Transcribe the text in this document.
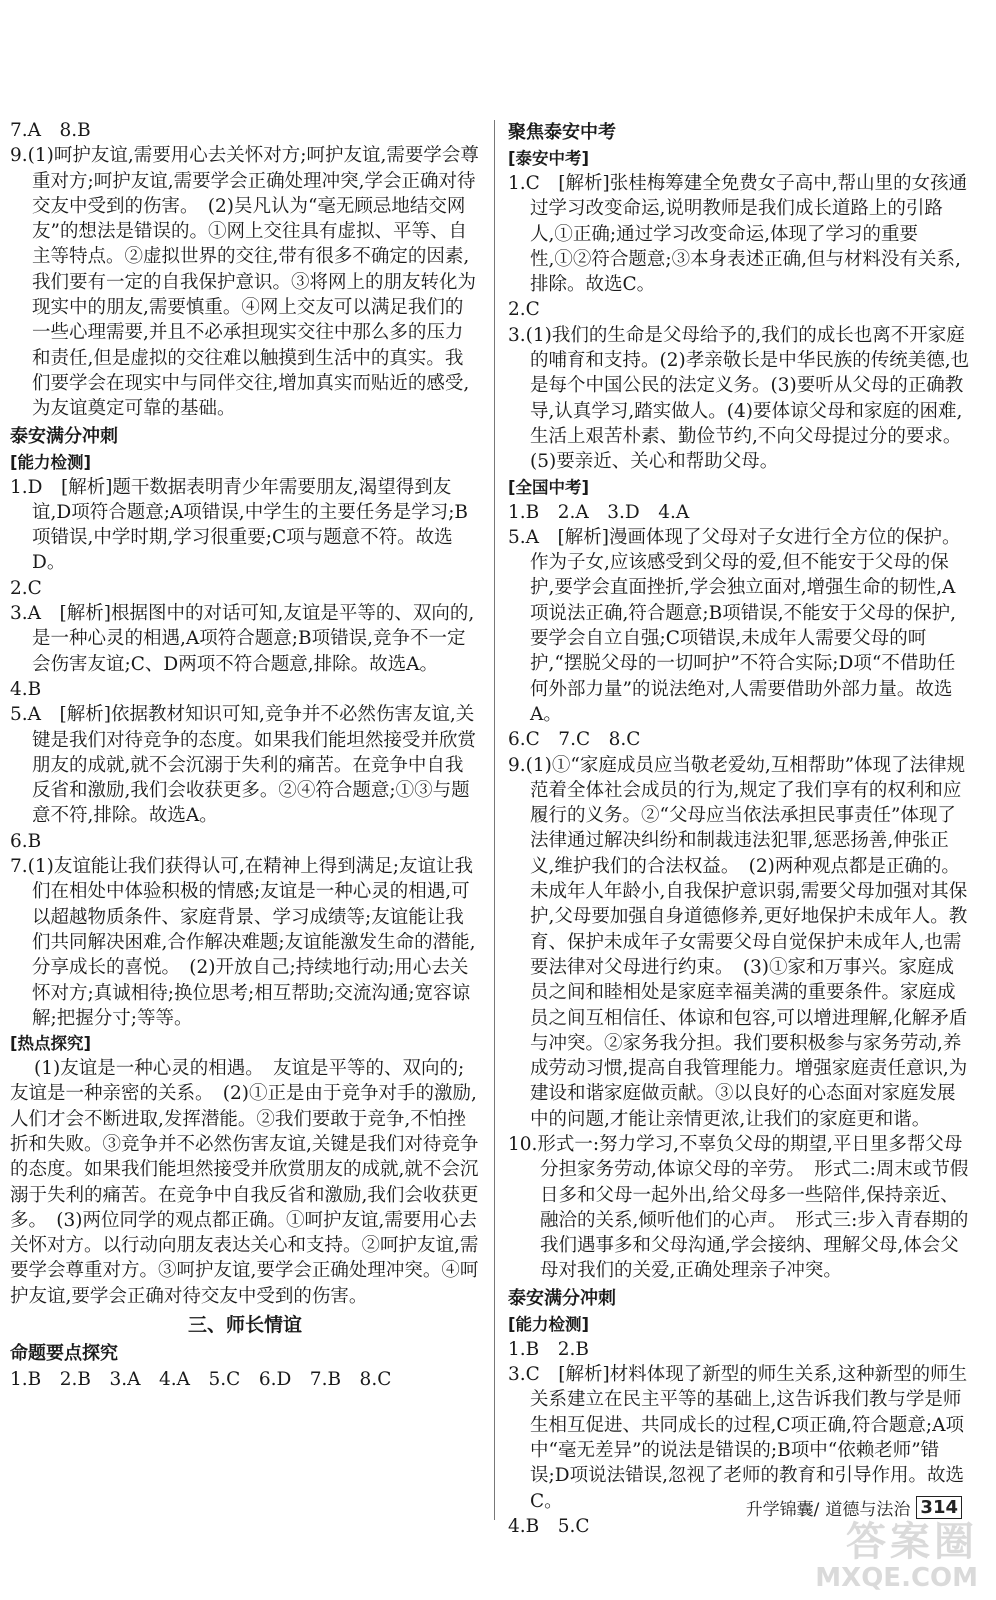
7.A　8.B

9.(1)呵护友谊,需要用心去关怀对方;呵护友谊,需要学会尊重对方;呵护友谊,需要学会正确处理冲突,学会正确对待交友中受到的伤害。　(2)吴凡认为“毫无顾忌地结交网友”的想法是错误的。①网上交往具有虚拟、平等、自主等特点。②虚拟世界的交往,带有很多不确定的因素,我们要有一定的自我保护意识。③将网上的朋友转化为现实中的朋友,需要慎重。④网上交友可以满足我们的一些心理需要,并且不必承担现实交往中那么多的压力和责任,但是虚拟的交往难以触摸到生活中的真实。我们要学会在现实中与同伴交往,增加真实而贴近的感受,为友谊奠定可靠的基础。

泰安满分冲刺

[能力检测]

1.D　[解析]题干数据表明青少年需要朋友,渴望得到友谊,D项符合题意;A项错误,中学生的主要任务是学习;B项错误,中学时期,学习很重要;C项与题意不符。故选D。

2.C

3.A　[解析]根据图中的对话可知,友谊是平等的、双向的,是一种心灵的相遇,A项符合题意;B项错误,竞争不一定会伤害友谊;C、D两项不符合题意,排除。故选A。

4.B

5.A　[解析]依据教材知识可知,竞争并不必然伤害友谊,关键是我们对待竞争的态度。如果我们能坦然接受并欣赏朋友的成就,就不会沉溺于失利的痛苦。在竞争中自我反省和激励,我们会收获更多。②④符合题意;①③与题意不符,排除。故选A。

6.B

7.(1)友谊能让我们获得认可,在精神上得到满足;友谊让我们在相处中体验积极的情感;友谊是一种心灵的相遇,可以超越物质条件、家庭背景、学习成绩等;友谊能让我们共同解决困难,合作解决难题;友谊能激发生命的潜能,分享成长的喜悦。　(2)开放自己;持续地行动;用心去关怀对方;真诚相待;换位思考;相互帮助;交流沟通;宽容谅解;把握分寸;等等。

[热点探究]

(1)友谊是一种心灵的相遇。　友谊是平等的、双向的;友谊是一种亲密的关系。　(2)①正是由于竞争对手的激励,人们才会不断进取,发挥潜能。②我们要敢于竞争,不怕挫折和失败。③竞争并不必然伤害友谊,关键是我们对待竞争的态度。如果我们能坦然接受并欣赏朋友的成就,就不会沉溺于失利的痛苦。在竞争中自我反省和激励,我们会收获更多。　(3)两位同学的观点都正确。①呵护友谊,需要用心去关怀对方。以行动向朋友表达关心和支持。②呵护友谊,需要学会尊重对方。③呵护友谊,要学会正确处理冲突。④呵护友谊,要学会正确对待交友中受到的伤害。

三、师长情谊

命题要点探究

1.B　2.B　3.A　4.A　5.C　6.D　7.B　8.C

聚焦泰安中考

[泰安中考]

1.C　[解析]张桂梅筹建全免费女子高中,帮山里的女孩通过学习改变命运,说明教师是我们成长道路上的引路人,①正确;通过学习改变命运,体现了学习的重要性,①②符合题意;③本身表述正确,但与材料没有关系,排除。故选C。

2.C

3.(1)我们的生命是父母给予的,我们的成长也离不开家庭的哺育和支持。(2)孝亲敬长是中华民族的传统美德,也是每个中国公民的法定义务。(3)要听从父母的正确教导,认真学习,踏实做人。(4)要体谅父母和家庭的困难,生活上艰苦朴素、勤俭节约,不向父母提过分的要求。(5)要亲近、关心和帮助父母。

[全国中考]

1.B　2.A　3.D　4.A

5.A　[解析]漫画体现了父母对子女进行全方位的保护。作为子女,应该感受到父母的爱,但不能安于父母的保护,要学会直面挫折,学会独立面对,增强生命的韧性,A项说法正确,符合题意;B项错误,不能安于父母的保护,要学会自立自强;C项错误,未成年人需要父母的呵护,“摆脱父母的一切呵护”不符合实际;D项“不借助任何外部力量”的说法绝对,人需要借助外部力量。故选A。

6.C　7.C　8.C

9.(1)①“家庭成员应当敬老爱幼,互相帮助”体现了法律规范着全体社会成员的行为,规定了我们享有的权利和应履行的义务。②“父母应当依法承担民事责任”体现了法律通过解决纠纷和制裁违法犯罪,惩恶扬善,伸张正义,维护我们的合法权益。　(2)两种观点都是正确的。未成年人年龄小,自我保护意识弱,需要父母加强对其保护,父母要加强自身道德修养,更好地保护未成年人。教育、保护未成年子女需要父母自觉保护未成年人,也需要法律对父母进行约束。　(3)①家和万事兴。家庭成员之间和睦相处是家庭幸福美满的重要条件。家庭成员之间互相信任、体谅和包容,可以增进理解,化解矛盾与冲突。②家务我分担。我们要积极参与家务劳动,养成劳动习惯,提高自我管理能力。增强家庭责任意识,为建设和谐家庭做贡献。③以良好的心态面对家庭发展中的问题,才能让亲情更浓,让我们的家庭更和谐。

10.形式一:努力学习,不辜负父母的期望,平日里多帮父母分担家务劳动,体谅父母的辛劳。　形式二:周末或节假日多和父母一起外出,给父母多一些陪伴,保持亲近、融洽的关系,倾听他们的心声。　形式三:步入青春期的我们遇事多和父母沟通,学会接纳、理解父母,体会父母对我们的关爱,正确处理亲子冲突。

泰安满分冲刺

[能力检测]

1.B　2.B

3.C　[解析]材料体现了新型的师生关系,这种新型的师生关系建立在民主平等的基础上,这告诉我们教与学是师生相互促进、共同成长的过程,C项正确,符合题意;A项中“毫无差异”的说法是错误的;B项中“依赖老师”错误;D项说法错误,忽视了老师的教育和引导作用。故选C。

4.B　5.C

升学锦囊/ 道德与法治 314
答案圈
MXQE.COM
